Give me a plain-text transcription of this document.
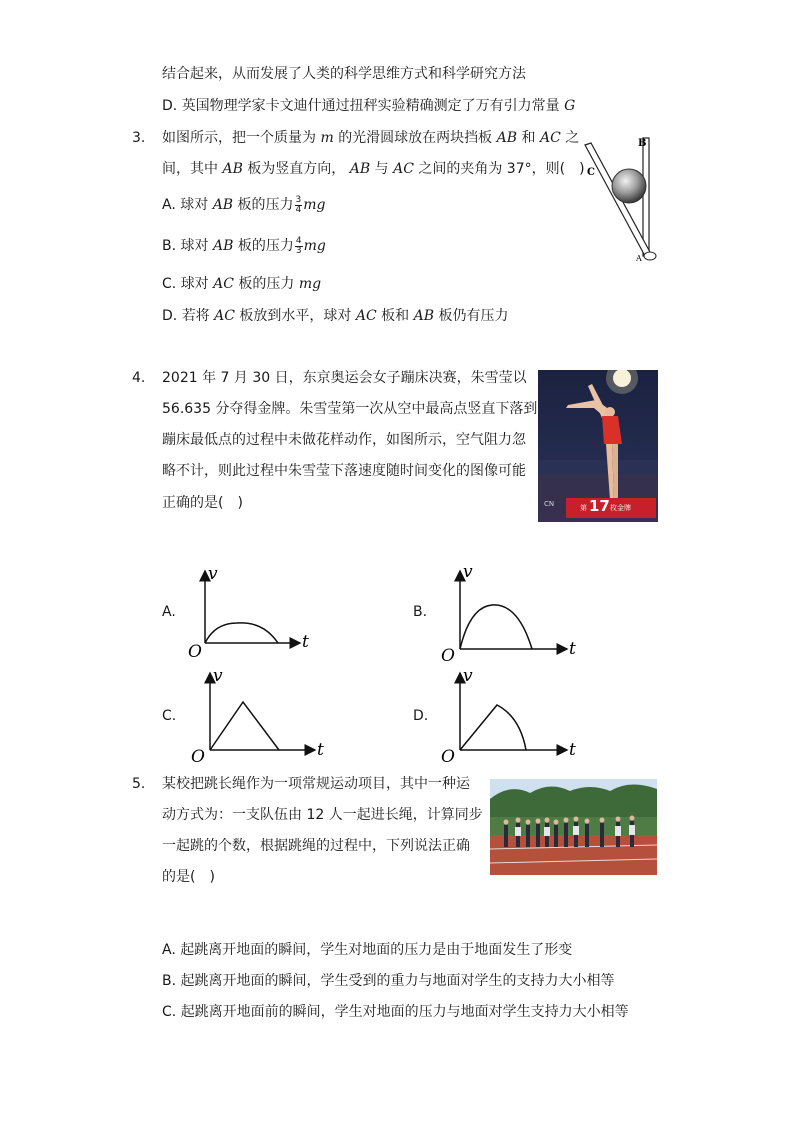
结合起来，从而发展了人类的科学思维方式和科学研究方法
D. 英国物理学家卡文迪什通过扭秤实验精确测定了万有引力常量 G
3. 如图所示，把一个质量为 m 的光滑圆球放在两块挡板 AB 和 AC 之
间，其中 AB 板为竖直方向， AB 与 AC 之间的夹角为 37°，则(　)
A. 球对 AB 板的压力 $\frac{3}{4}$ mg
B. 球对 AB 板的压力 $\frac{4}{3}$ mg
C. 球对 AC 板的压力 mg
D. 若将 AC 板放到水平，球对 AC 板和 AB 板仍有压力
B
C
A
4. 2021 年 7 月 30 日，东京奥运会女子蹦床决赛，朱雪莹以
56.635 分夺得金牌。朱雪莹第一次从空中最高点竖直下落到
蹦床最低点的过程中未做花样动作，如图所示，空气阻力忽
略不计，则此过程中朱雪莹下落速度随时间变化的图像可能
正确的是(　)	CN	第 17 枚金牌
A.	B.
C.	D.
v
O	t
v
O	t
v
O	t
v
O	t
5. 某校把跳长绳作为一项常规运动项目，其中一种运
动方式为：一支队伍由 12 人一起进长绳，计算同步
一起跳的个数，根据跳绳的过程中，下列说法正确
的是(　)
A. 起跳离开地面的瞬间，学生对地面的压力是由于地面发生了形变
B. 起跳离开地面的瞬间，学生受到的重力与地面对学生的支持力大小相等
C. 起跳离开地面前的瞬间，学生对地面的压力与地面对学生支持力大小相等
